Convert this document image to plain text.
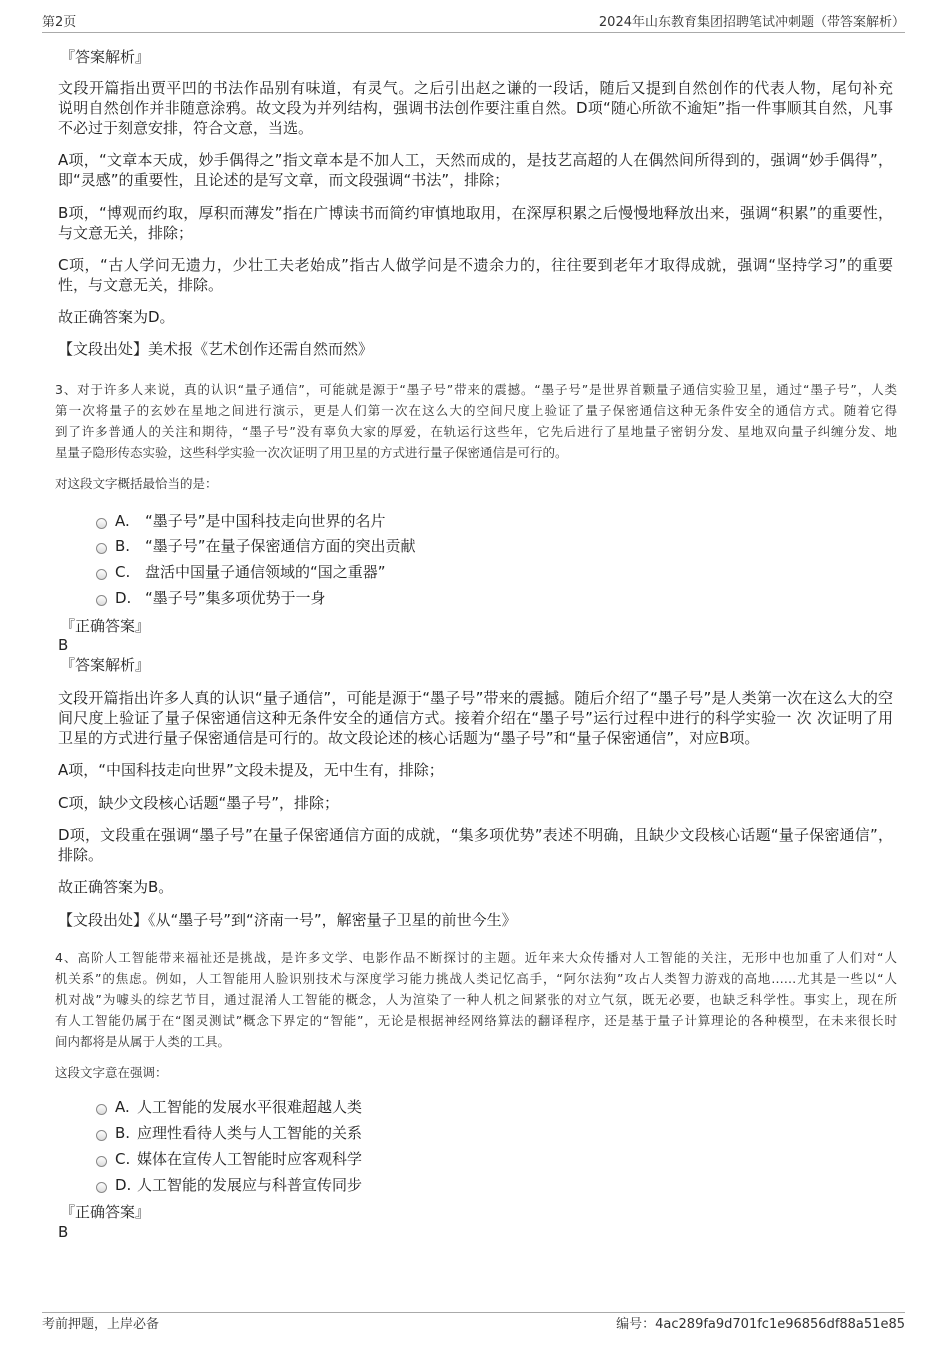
第2页	2024年山东教育集团招聘笔试冲刺题（带答案解析）
『答案解析』
文段开篇指出贾平凹的书法作品别有味道，有灵气。之后引出赵之谦的一段话，随后又提到自然创作的代表人物，尾句补充
说明自然创作并非随意涂鸦。故文段为并列结构，强调书法创作要注重自然。D项“随心所欲不逾矩”指一件事顺其自然，凡事
不必过于刻意安排，符合文意，当选。
A项，“文章本天成，妙手偶得之”指文章本是不加人工，天然而成的，是技艺高超的人在偶然间所得到的，强调“妙手偶得”，
即“灵感”的重要性，且论述的是写文章，而文段强调“书法”，排除；
B项，“博观而约取，厚积而薄发”指在广博读书而简约审慎地取用，在深厚积累之后慢慢地释放出来，强调“积累”的重要性，
与文意无关，排除；
C项，“古人学问无遗力，少壮工夫老始成”指古人做学问是不遗余力的，往往要到老年才取得成就，强调“坚持学习”的重要
性，与文意无关，排除。
故正确答案为D。
【文段出处】美术报《艺术创作还需自然而然》
3、对于许多人来说，真的认识“量子通信”，可能就是源于“墨子号”带来的震撼。“墨子号”是世界首颗量子通信实验卫星，通过“墨子号”，人类
第一次将量子的玄妙在星地之间进行演示，更是人们第一次在这么大的空间尺度上验证了量子保密通信这种无条件安全的通信方式。随着它得
到了许多普通人的关注和期待，“墨子号”没有辜负大家的厚爱，在轨运行这些年，它先后进行了星地量子密钥分发、星地双向量子纠缠分发、地
星量子隐形传态实验，这些科学实验一次次证明了用卫星的方式进行量子保密通信是可行的。
对这段文字概括最恰当的是：
A.	“墨子号”是中国科技走向世界的名片
B. “墨子号”在量子保密通信方面的突出贡献
C. 盘活中国量子通信领域的“国之重器”
D. “墨子号”集多项优势于一身
『正确答案』
B
『答案解析』
文段开篇指出许多人真的认识“量子通信”，可能是源于“墨子号”带来的震撼。随后介绍了“墨子号”是人类第一次在这么大的空
间尺度上验证了量子保密通信这种无条件安全的通信方式。接着介绍在“墨子号”运行过程中进行的科学实验一 次 次证明了用
卫星的方式进行量子保密通信是可行的。故文段论述的核心话题为“墨子号”和“量子保密通信”，对应B项。
A项，“中国科技走向世界”文段未提及，无中生有，排除；
C项，缺少文段核心话题“墨子号”，排除；
D项，文段重在强调“墨子号”在量子保密通信方面的成就，“集多项优势”表述不明确，且缺少文段核心话题“量子保密通信”，
排除。
故正确答案为B。
【文段出处】《从“墨子号”到“济南一号”，解密量子卫星的前世今生》
4、高阶人工智能带来福祉还是挑战，是许多文学、电影作品不断探讨的主题。近年来大众传播对人工智能的关注，无形中也加重了人们对“人
机关系”的焦虑。例如，人工智能用人脸识别技术与深度学习能力挑战人类记忆高手，“阿尔法狗”攻占人类智力游戏的高地……尤其是一些以“人
机对战”为噱头的综艺节目，通过混淆人工智能的概念，人为渲染了一种人机之间紧张的对立气氛，既无必要，也缺乏科学性。事实上，现在所
有人工智能仍属于在“图灵测试”概念下界定的“智能”，无论是根据神经网络算法的翻译程序，还是基于量子计算理论的各种模型，在未来很长时
间内都将是从属于人类的工具。
这段文字意在强调：
A. 人工智能的发展水平很难超越人类
B. 应理性看待人类与人工智能的关系
C. 媒体在宣传人工智能时应客观科学
D. 人工智能的发展应与科普宣传同步
『正确答案』
B
考前押题，上岸必备	编号：4ac289fa9d701fc1e96856df88a51e85
